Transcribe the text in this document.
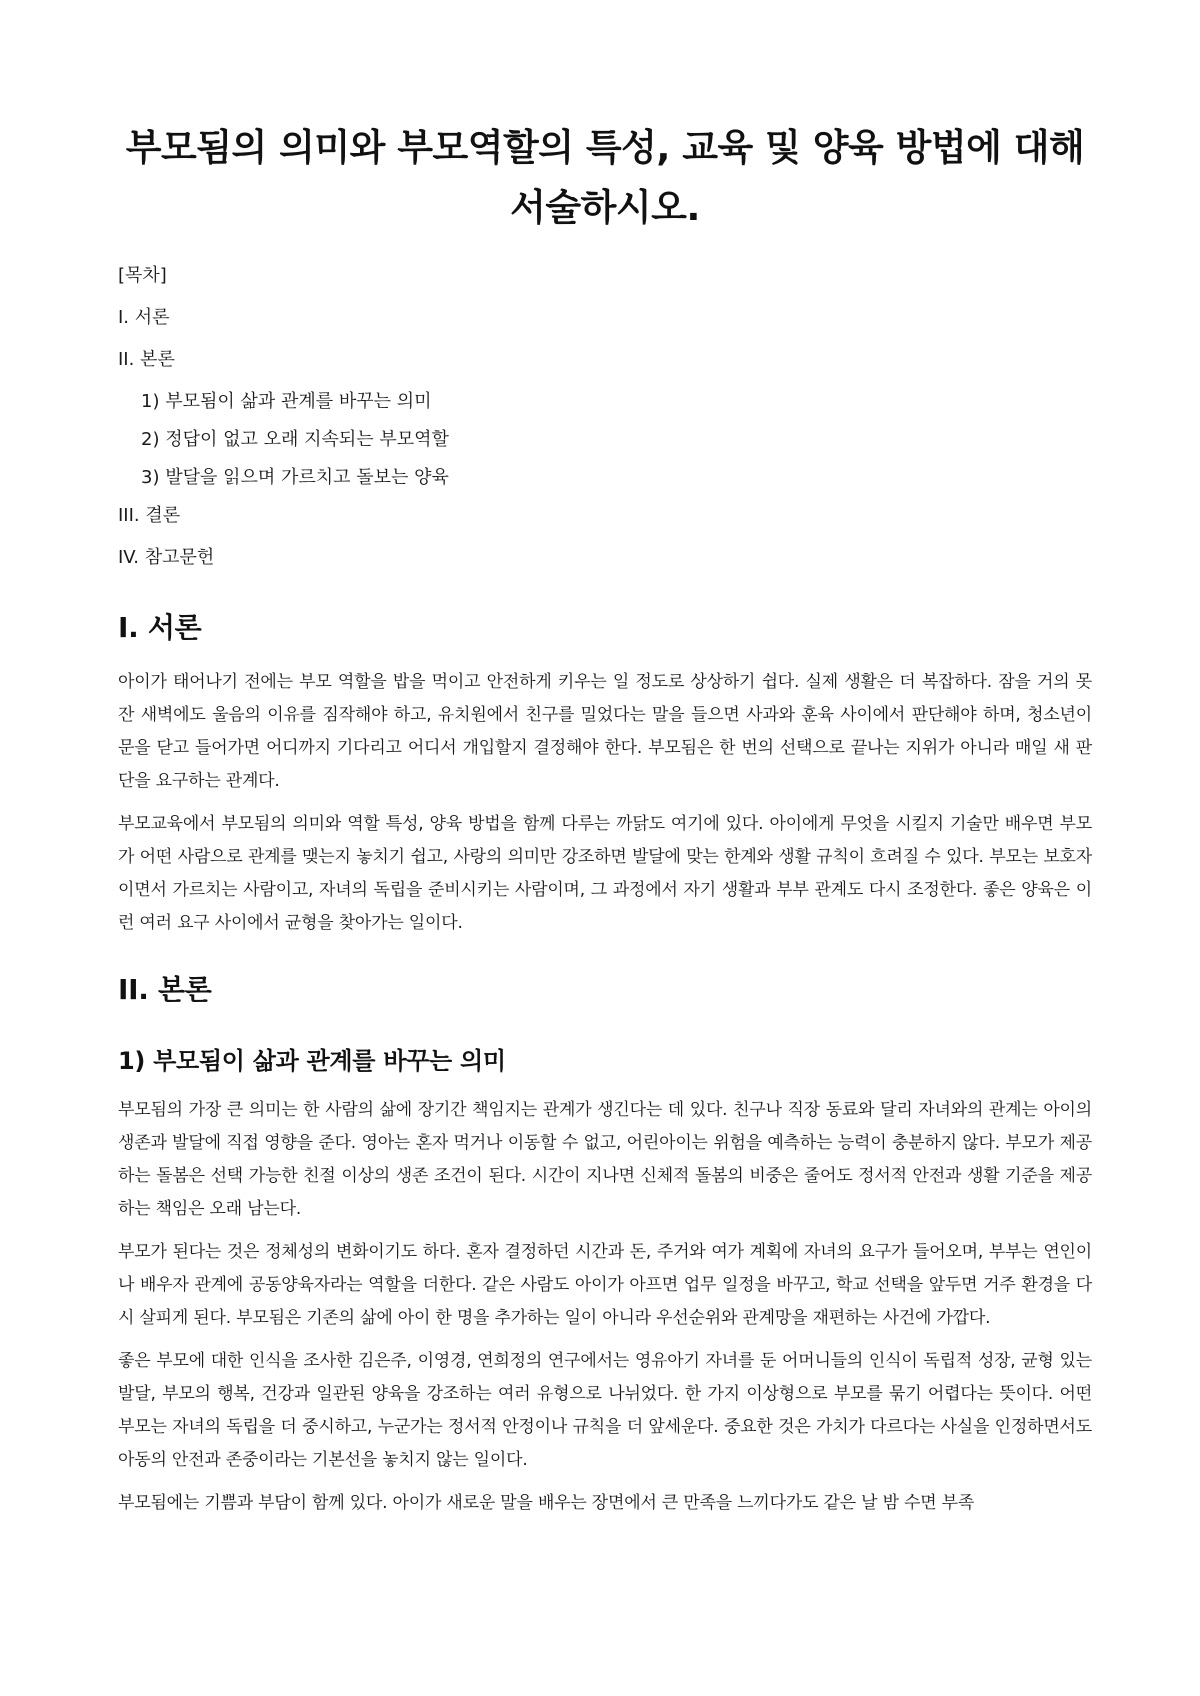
부모됨의 의미와 부모역할의 특성, 교육 및 양육 방법에 대해 서술하시오.
[목차]
I. 서론
II. 본론
1) 부모됨이 삶과 관계를 바꾸는 의미
2) 정답이 없고 오래 지속되는 부모역할
3) 발달을 읽으며 가르치고 돌보는 양육
III. 결론
IV. 참고문헌
I. 서론

아이가 태어나기 전에는 부모 역할을 밥을 먹이고 안전하게 키우는 일 정도로 상상하기 쉽다. 실제 생활은 더 복잡하다. 잠을 거의 못 잔 새벽에도 울음의 이유를 짐작해야 하고, 유치원에서 친구를 밀었다는 말을 들으면 사과와 훈육 사이에서 판단해야 하며, 청소년이 문을 닫고 들어가면 어디까지 기다리고 어디서 개입할지 결정해야 한다. 부모됨은 한 번의 선택으로 끝나는 지위가 아니라 매일 새 판단을 요구하는 관계다.

부모교육에서 부모됨의 의미와 역할 특성, 양육 방법을 함께 다루는 까닭도 여기에 있다. 아이에게 무엇을 시킬지 기술만 배우면 부모가 어떤 사람으로 관계를 맺는지 놓치기 쉽고, 사랑의 의미만 강조하면 발달에 맞는 한계와 생활 규칙이 흐려질 수 있다. 부모는 보호자이면서 가르치는 사람이고, 자녀의 독립을 준비시키는 사람이며, 그 과정에서 자기 생활과 부부 관계도 다시 조정한다. 좋은 양육은 이런 여러 요구 사이에서 균형을 찾아가는 일이다.

II. 본론
1) 부모됨이 삶과 관계를 바꾸는 의미

부모됨의 가장 큰 의미는 한 사람의 삶에 장기간 책임지는 관계가 생긴다는 데 있다. 친구나 직장 동료와 달리 자녀와의 관계는 아이의 생존과 발달에 직접 영향을 준다. 영아는 혼자 먹거나 이동할 수 없고, 어린아이는 위험을 예측하는 능력이 충분하지 않다. 부모가 제공하는 돌봄은 선택 가능한 친절 이상의 생존 조건이 된다. 시간이 지나면 신체적 돌봄의 비중은 줄어도 정서적 안전과 생활 기준을 제공하는 책임은 오래 남는다.

부모가 된다는 것은 정체성의 변화이기도 하다. 혼자 결정하던 시간과 돈, 주거와 여가 계획에 자녀의 요구가 들어오며, 부부는 연인이나 배우자 관계에 공동양육자라는 역할을 더한다. 같은 사람도 아이가 아프면 업무 일정을 바꾸고, 학교 선택을 앞두면 거주 환경을 다시 살피게 된다. 부모됨은 기존의 삶에 아이 한 명을 추가하는 일이 아니라 우선순위와 관계망을 재편하는 사건에 가깝다.

좋은 부모에 대한 인식을 조사한 김은주, 이영경, 연희정의 연구에서는 영유아기 자녀를 둔 어머니들의 인식이 독립적 성장, 균형 있는 발달, 부모의 행복, 건강과 일관된 양육을 강조하는 여러 유형으로 나뉘었다. 한 가지 이상형으로 부모를 묶기 어렵다는 뜻이다. 어떤 부모는 자녀의 독립을 더 중시하고, 누군가는 정서적 안정이나 규칙을 더 앞세운다. 중요한 것은 가치가 다르다는 사실을 인정하면서도 아동의 안전과 존중이라는 기본선을 놓치지 않는 일이다.

부모됨에는 기쁨과 부담이 함께 있다. 아이가 새로운 말을 배우는 장면에서 큰 만족을 느끼다가도 같은 날 밤 수면 부족
